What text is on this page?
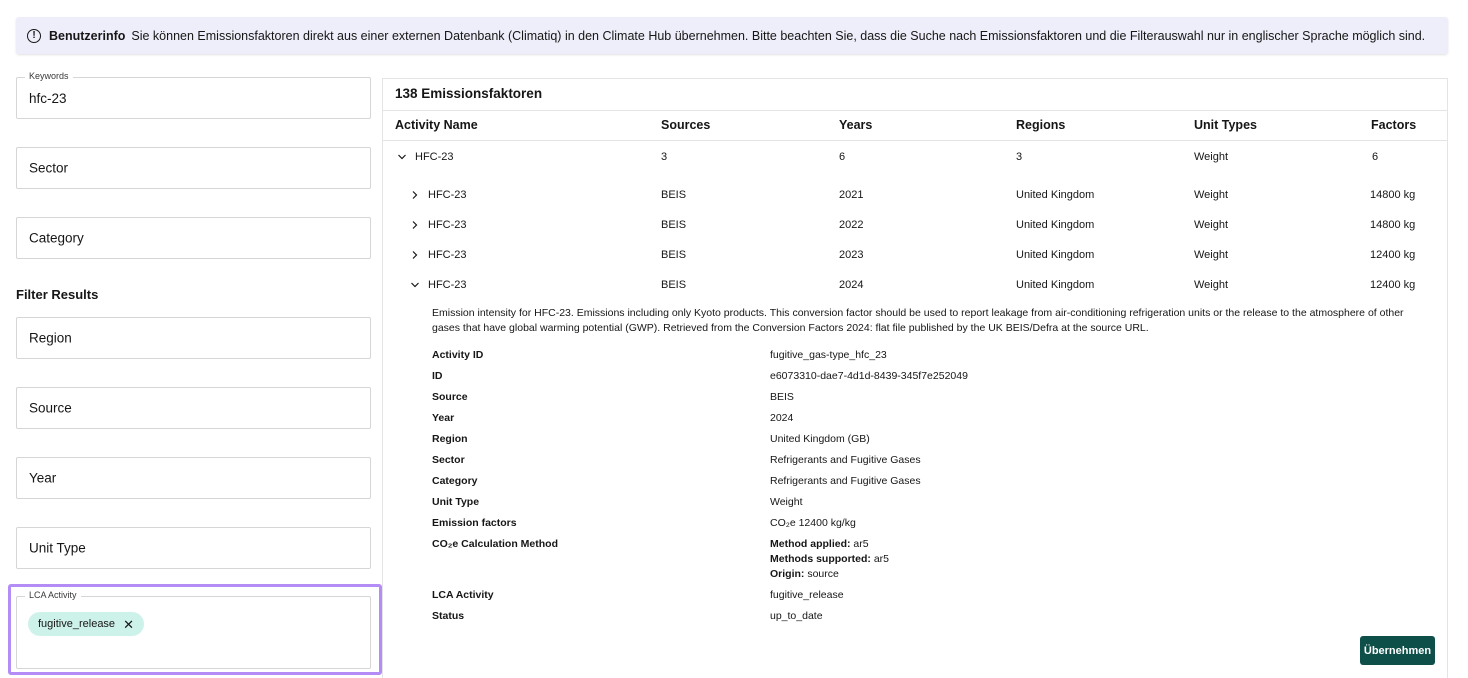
!	Benutzerinfo Sie können Emissionsfaktoren direkt aus einer externen Datenbank (Climatiq) in den Climate Hub übernehmen. Bitte beachten Sie, dass die Suche nach Emissionsfaktoren und die Filterauswahl nur in englischer Sprache möglich sind.
Keywords
hfc-23
Sector
Category
Filter Results
Region
Source
Year
Unit Type
LCA Activity
fugitive_release ✕
138 Emissionsfaktoren
Activity Name	Sources	Years	Regions	Unit Types	Factors
HFC-23	3	6	3	Weight	6
HFC-23	BEIS	2021	United Kingdom	Weight	14800 kg
HFC-23	BEIS	2022	United Kingdom	Weight	14800 kg
HFC-23	BEIS	2023	United Kingdom	Weight	12400 kg
HFC-23	BEIS	2024	United Kingdom	Weight	12400 kg
Emission intensity for HFC-23. Emissions including only Kyoto products. This conversion factor should be used to report leakage from air-conditioning refrigeration units or the release to the atmosphere of other gases that have global warming potential (GWP). Retrieved from the Conversion Factors 2024: flat file published by the UK BEIS/Defra at the source URL.
Activity ID	fugitive_gas-type_hfc_23
ID	e6073310-dae7-4d1d-8439-345f7e252049
Source	BEIS
Year	2024
Region	United Kingdom (GB)
Sector	Refrigerants and Fugitive Gases
Category	Refrigerants and Fugitive Gases
Unit Type	Weight
Emission factors	CO₂e 12400 kg/kg
CO₂e Calculation Method	Method applied: ar5
Methods supported: ar5
Origin: source
LCA Activity	fugitive_release
Status	up_to_date
Übernehmen
